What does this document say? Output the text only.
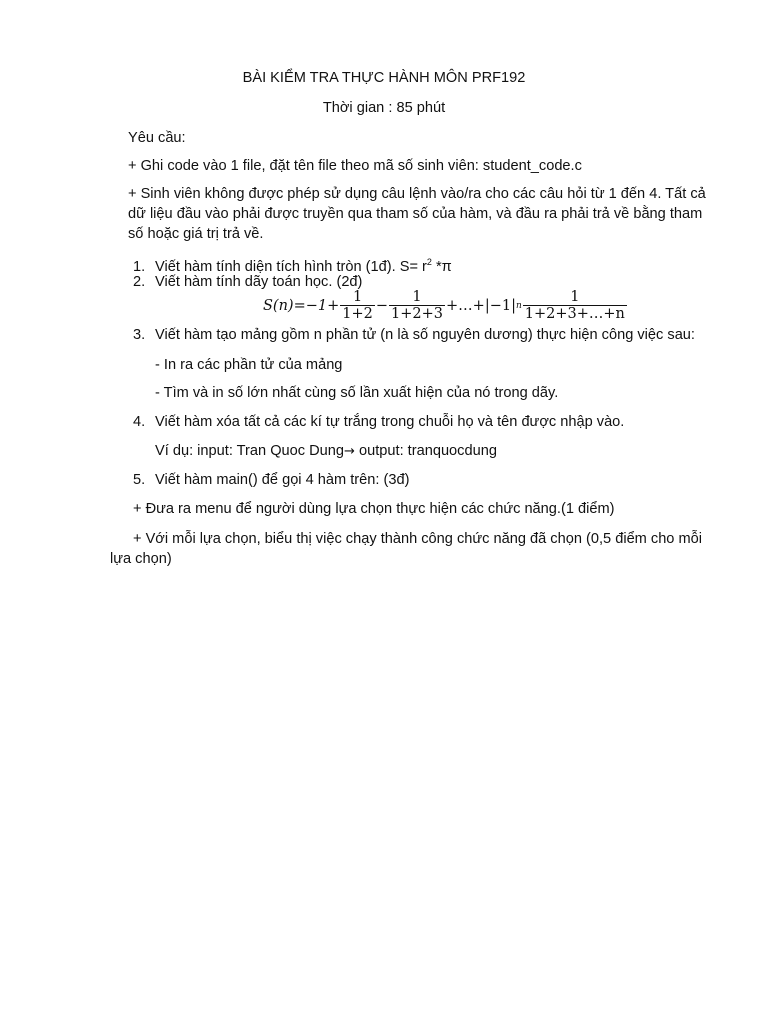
BÀI KIỂM TRA THỰC HÀNH MÔN PRF192
Thời gian : 85 phút
Yêu cầu:
+ Ghi code vào 1 file, đặt tên file theo mã số sinh viên: student_code.c
+ Sinh viên không được phép sử dụng câu lệnh vào/ra cho các câu hỏi từ 1 đến 4. Tất cả
dữ liệu đầu vào phải được truyền qua tham số của hàm, và đầu ra phải trả về bằng tham
số hoặc giá trị trả về.
1. Viết hàm tính diện tích hình tròn (1đ). $S= r^2$ *π
2. Viết hàm tính dãy toán học. (2đ)
$S(n)=-1+ \frac{1}{1+2} - \frac{1}{1+2+3}$ +…+|−1| n $\frac{1}{1+2+3+\dots+n}$
3. Viết hàm tạo mảng gồm n phần tử (n là số nguyên dương) thực hiện công việc sau:
- In ra các phần tử của mảng
- Tìm và in số lớn nhất cùng số lần xuất hiện của nó trong dãy.
4. Viết hàm xóa tất cả các kí tự trắng trong chuỗi họ và tên được nhập vào.
Ví dụ: input: Tran Quoc Dung→ output: tranquocdung
5. Viết hàm main() để gọi 4 hàm trên: (3đ)
+ Đưa ra menu để người dùng lựa chọn thực hiện các chức năng.(1 điểm)
+ Với mỗi lựa chọn, biểu thị việc chạy thành công chức năng đã chọn (0,5 điểm cho mỗi
lựa chọn)
